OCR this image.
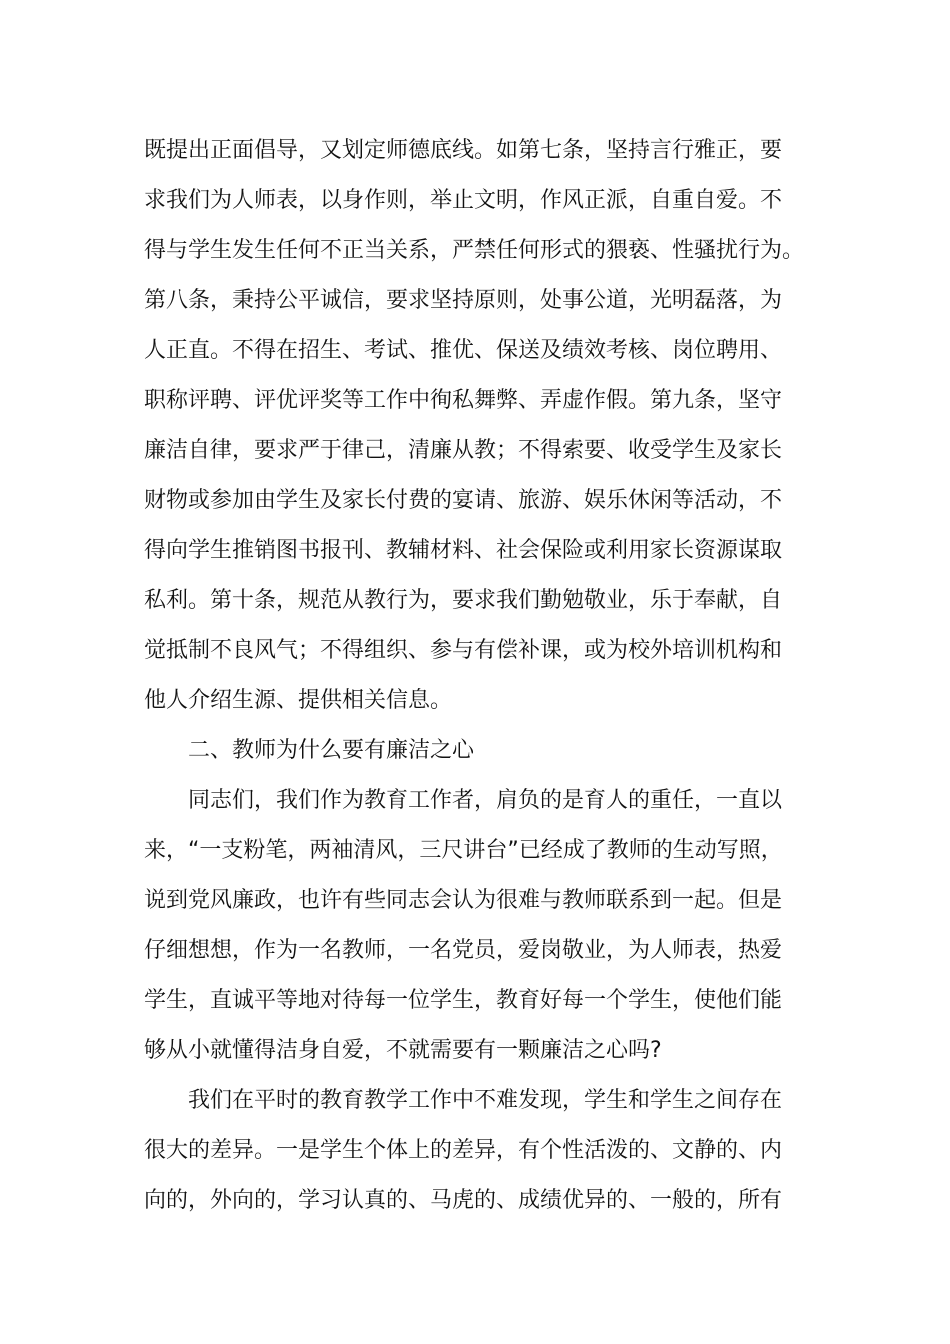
既提出正面倡导，又划定师德底线。如第七条，坚持言行雅正，要
求我们为人师表，以身作则，举止文明，作风正派，自重自爱。不
得与学生发生任何不正当关系，严禁任何形式的猥亵、性骚扰行为。
第八条，秉持公平诚信，要求坚持原则，处事公道，光明磊落，为
人正直。不得在招生、考试、推优、保送及绩效考核、岗位聘用、
职称评聘、评优评奖等工作中徇私舞弊、弄虚作假。第九条，坚守
廉洁自律，要求严于律己，清廉从教；不得索要、收受学生及家长
财物或参加由学生及家长付费的宴请、旅游、娱乐休闲等活动，不
得向学生推销图书报刊、教辅材料、社会保险或利用家长资源谋取
私利。第十条，规范从教行为，要求我们勤勉敬业，乐于奉献，自
觉抵制不良风气；不得组织、参与有偿补课，或为校外培训机构和
他人介绍生源、提供相关信息。
二、教师为什么要有廉洁之心
同志们，我们作为教育工作者，肩负的是育人的重任，一直以
来，“一支粉笔，两袖清风，三尺讲台”已经成了教师的生动写照，
说到党风廉政，也许有些同志会认为很难与教师联系到一起。但是
仔细想想，作为一名教师，一名党员，爱岗敬业，为人师表，热爱
学生，直诚平等地对待每一位学生，教育好每一个学生，使他们能
够从小就懂得洁身自爱，不就需要有一颗廉洁之心吗?
我们在平时的教育教学工作中不难发现，学生和学生之间存在
很大的差异。一是学生个体上的差异，有个性活泼的、文静的、内
向的，外向的，学习认真的、马虎的、成绩优异的、一般的，所有
